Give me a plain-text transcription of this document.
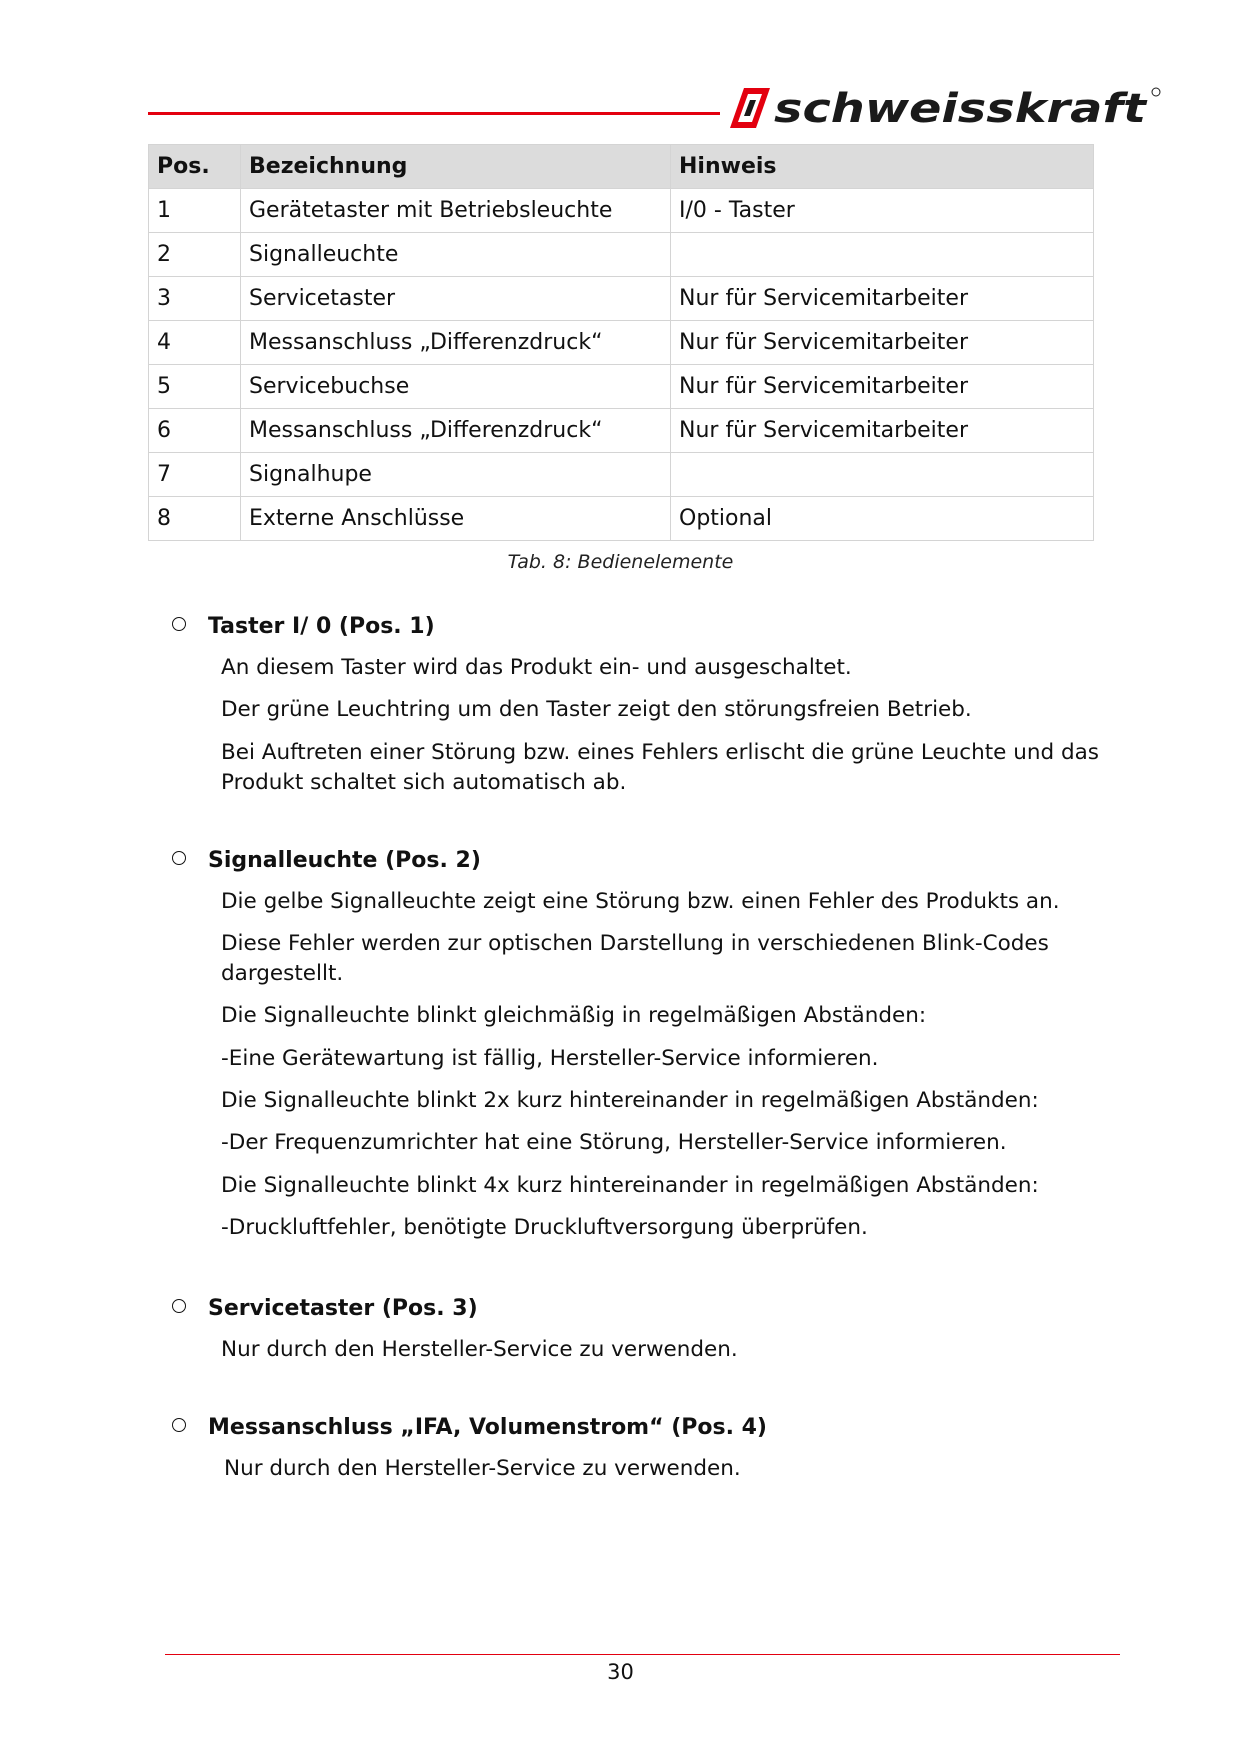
schweisskraft
Pos.	Bezeichnung	Hinweis
1	Gerätetaster mit Betriebsleuchte	I/0 - Taster
2	Signalleuchte	
3	Servicetaster	Nur für Servicemitarbeiter
4	Messanschluss „Differenzdruck“	Nur für Servicemitarbeiter
5	Servicebuchse	Nur für Servicemitarbeiter
6	Messanschluss „Differenzdruck“	Nur für Servicemitarbeiter
7	Signalhupe	
8	Externe Anschlüsse	Optional
Tab. 8: Bedienelemente
Taster I/ 0 (Pos. 1)
An diesem Taster wird das Produkt ein- und ausgeschaltet.
Der grüne Leuchtring um den Taster zeigt den störungsfreien Betrieb.
Bei Auftreten einer Störung bzw. eines Fehlers erlischt die grüne Leuchte und das Produkt schaltet sich automatisch ab.
Signalleuchte (Pos. 2)
Die gelbe Signalleuchte zeigt eine Störung bzw. einen Fehler des Produkts an.
Diese Fehler werden zur optischen Darstellung in verschiedenen Blink-Codes dargestellt.
Die Signalleuchte blinkt gleichmäßig in regelmäßigen Abständen:
-Eine Gerätewartung ist fällig, Hersteller-Service informieren.
Die Signalleuchte blinkt 2x kurz hintereinander in regelmäßigen Abständen:
-Der Frequenzumrichter hat eine Störung, Hersteller-Service informieren.
Die Signalleuchte blinkt 4x kurz hintereinander in regelmäßigen Abständen:
-Druckluftfehler, benötigte Druckluftversorgung überprüfen.
Servicetaster (Pos. 3)
Nur durch den Hersteller-Service zu verwenden.
Messanschluss „IFA, Volumenstrom“ (Pos. 4)
Nur durch den Hersteller-Service zu verwenden.
30
